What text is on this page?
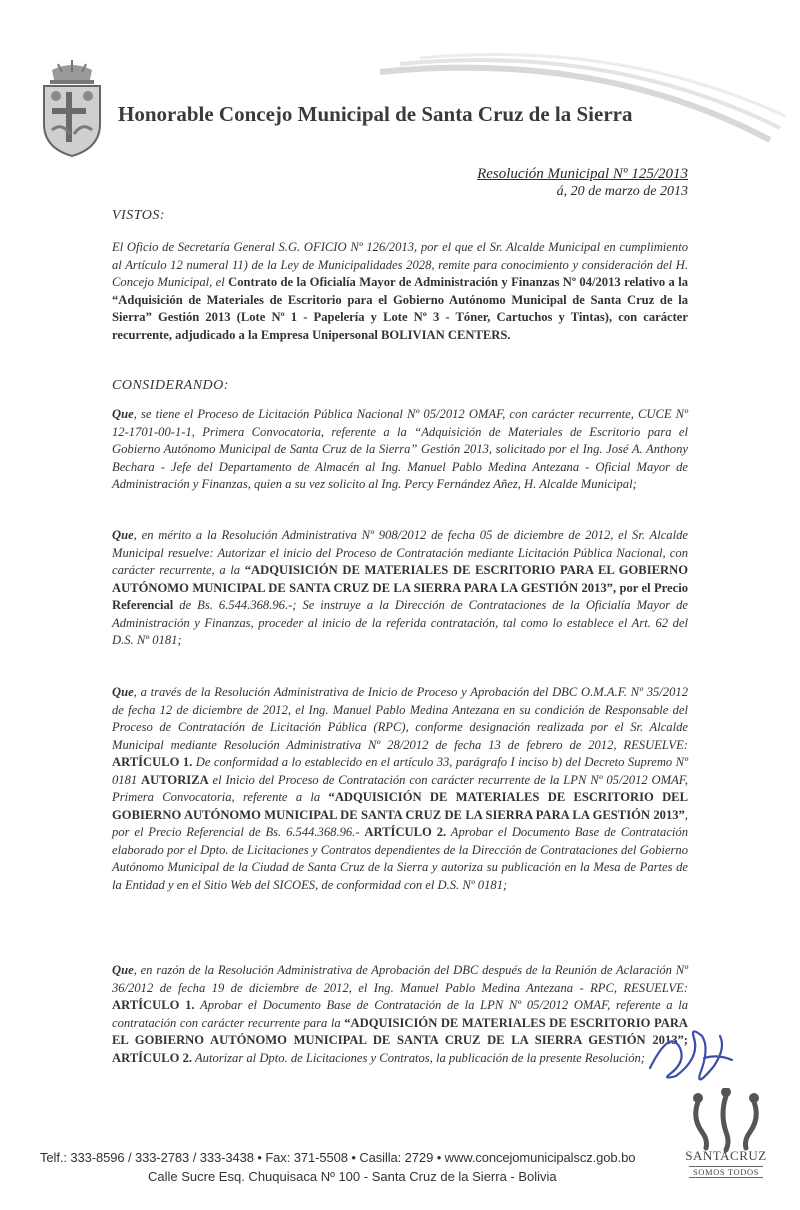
Honorable Concejo Municipal de Santa Cruz de la Sierra
Resolución Municipal Nº 125/2013
á, 20 de marzo de 2013
VISTOS:
El Oficio de Secretaría General S.G. OFICIO Nº 126/2013, por el que el Sr. Alcalde Municipal en cumplimiento al Artículo 12 numeral 11) de la Ley de Municipalidades 2028, remite para conocimiento y consideración del H. Concejo Municipal, el Contrato de la Oficialía Mayor de Administración y Finanzas Nº 04/2013 relativo a la “Adquisición de Materiales de Escritorio para el Gobierno Autónomo Municipal de Santa Cruz de la Sierra” Gestión 2013 (Lote Nº 1 - Papelería y Lote Nº 3 - Tóner, Cartuchos y Tintas), con carácter recurrente, adjudicado a la Empresa Unipersonal BOLIVIAN CENTERS.
CONSIDERANDO:
Que, se tiene el Proceso de Licitación Pública Nacional Nº 05/2012 OMAF, con carácter recurrente, CUCE Nº 12-1701-00-1-1, Primera Convocatoria, referente a la “Adquisición de Materiales de Escritorio para el Gobierno Autónomo Municipal de Santa Cruz de la Sierra” Gestión 2013, solicitado por el Ing. José A. Anthony Bechara - Jefe del Departamento de Almacén al Ing. Manuel Pablo Medina Antezana - Oficial Mayor de Administración y Finanzas, quien a su vez solicito al Ing. Percy Fernández Añez, H. Alcalde Municipal;
Que, en mérito a la Resolución Administrativa Nº 908/2012 de fecha 05 de diciembre de 2012, el Sr. Alcalde Municipal resuelve: Autorizar el inicio del Proceso de Contratación mediante Licitación Pública Nacional, con carácter recurrente, a la “ADQUISICIÓN DE MATERIALES DE ESCRITORIO PARA EL GOBIERNO AUTÓNOMO MUNICIPAL DE SANTA CRUZ DE LA SIERRA PARA LA GESTIÓN 2013”, por el Precio Referencial de Bs. 6.544.368.96.-; Se instruye a la Dirección de Contrataciones de la Oficialía Mayor de Administración y Finanzas, proceder al inicio de la referida contratación, tal como lo establece el Art. 62 del D.S. Nº 0181;
Que, a través de la Resolución Administrativa de Inicio de Proceso y Aprobación del DBC O.M.A.F. Nº 35/2012 de fecha 12 de diciembre de 2012, el Ing. Manuel Pablo Medina Antezana en su condición de Responsable del Proceso de Contratación de Licitación Pública (RPC), conforme designación realizada por el Sr. Alcalde Municipal mediante Resolución Administrativa Nº 28/2012 de fecha 13 de febrero de 2012, RESUELVE: ARTÍCULO 1. De conformidad a lo establecido en el artículo 33, parágrafo I inciso b) del Decreto Supremo Nº 0181 AUTORIZA el Inicio del Proceso de Contratación con carácter recurrente de la LPN Nº 05/2012 OMAF, Primera Convocatoria, referente a la “ADQUISICIÓN DE MATERIALES DE ESCRITORIO DEL GOBIERNO AUTÓNOMO MUNICIPAL DE SANTA CRUZ DE LA SIERRA PARA LA GESTIÓN 2013”, por el Precio Referencial de Bs. 6.544.368.96.- ARTÍCULO 2. Aprobar el Documento Base de Contratación elaborado por el Dpto. de Licitaciones y Contratos dependientes de la Dirección de Contrataciones del Gobierno Autónomo Municipal de la Ciudad de Santa Cruz de la Sierra y autoriza su publicación en la Mesa de Partes de la Entidad y en el Sitio Web del SICOES, de conformidad con el D.S. Nº 0181;
Que, en razón de la Resolución Administrativa de Aprobación del DBC después de la Reunión de Aclaración Nº 36/2012 de fecha 19 de diciembre de 2012, el Ing. Manuel Pablo Medina Antezana - RPC, RESUELVE: ARTÍCULO 1. Aprobar el Documento Base de Contratación de la LPN Nº 05/2012 OMAF, referente a la contratación con carácter recurrente para la “ADQUISICIÓN DE MATERIALES DE ESCRITORIO PARA EL GOBIERNO AUTÓNOMO MUNICIPAL DE SANTA CRUZ DE LA SIERRA GESTIÓN 2013”; ARTÍCULO 2. Autorizar al Dpto. de Licitaciones y Contratos, la publicación de la presente Resolución;
SANTACRUZ
SOMOS TODOS
Telf.: 333-8596 / 333-2783 / 333-3438 • Fax: 371-5508 • Casilla: 2729 • www.concejomunicipalscz.gob.bo
Calle Sucre Esq. Chuquisaca Nº 100 - Santa Cruz de la Sierra - Bolivia
